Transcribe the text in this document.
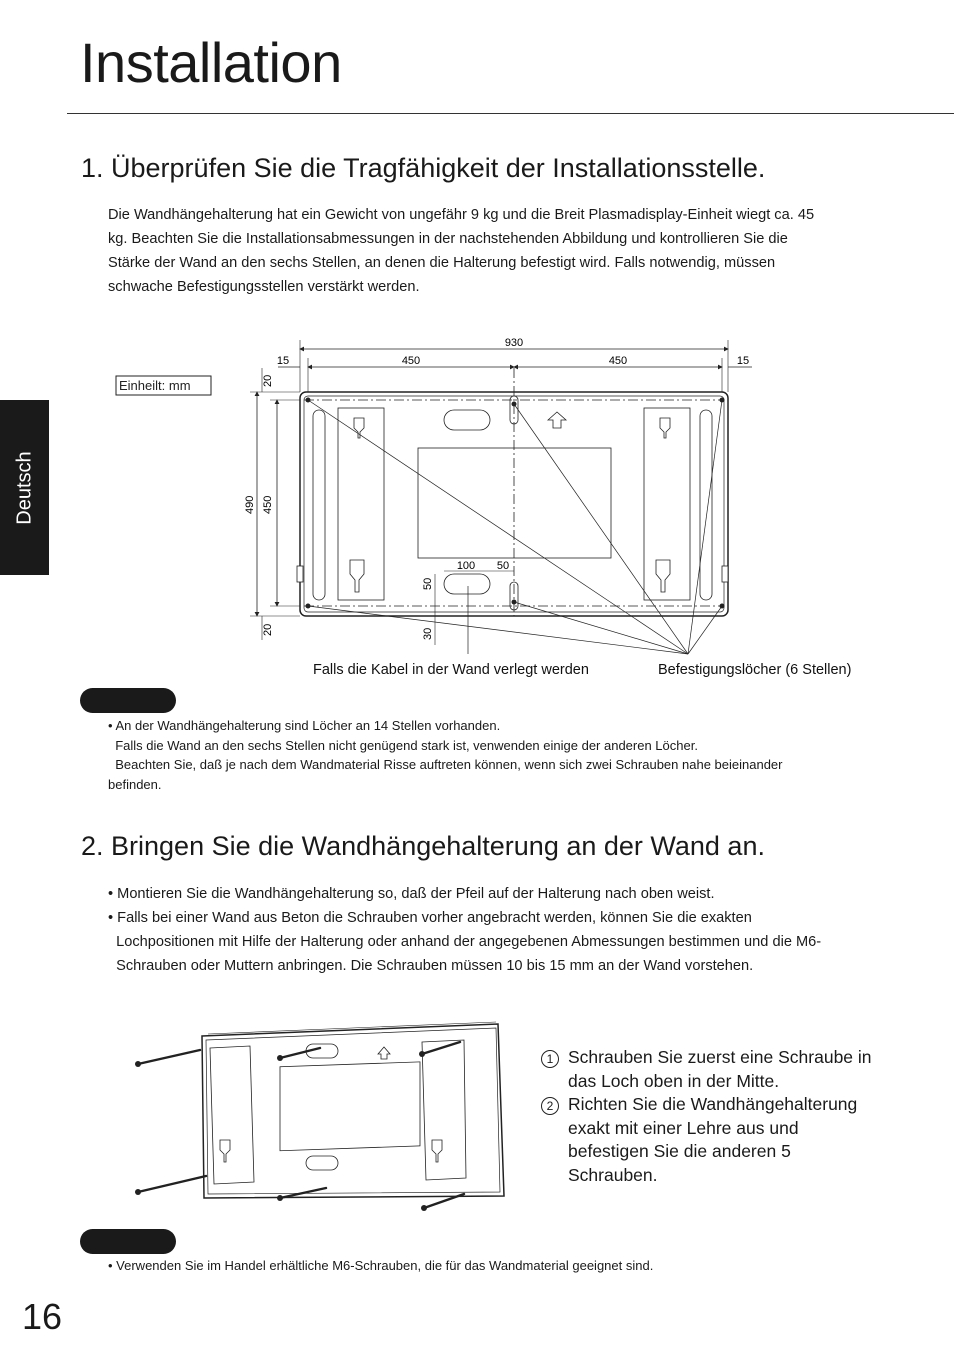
Installation
Deutsch
1. Überprüfen Sie die Tragfähigkeit der Installationsstelle.
Die Wandhängehalterung hat ein Gewicht von ungefähr 9 kg und die Breit Plasmadisplay-Einheit wiegt ca. 45
kg. Beachten Sie die Installationsabmessungen in der nachstehenden Abbildung und kontrollieren Sie die
Stärke der Wand an den sechs Stellen, an denen die Halterung befestigt wird. Falls notwendig, müssen
schwache Befestigungsstellen verstärkt werden.
Einheilt: mm
930
450	450
15	15
490 450
20
20
100 50
50
30
Falls die Kabel in der Wand verlegt werden	Befestigungslöcher (6 Stellen)
• An der Wandhängehalterung sind Löcher an 14 Stellen vorhanden.
Falls die Wand an den sechs Stellen nicht genügend stark ist, venwenden einige der anderen Löcher.
Beachten Sie, daß je nach dem Wandmaterial Risse auftreten können, wenn sich zwei Schrauben nahe beieinander
befinden.
2. Bringen Sie die Wandhängehalterung an der Wand an.
• Montieren Sie die Wandhängehalterung so, daß der Pfeil auf der Halterung nach oben weist.
• Falls bei einer Wand aus Beton die Schrauben vorher angebracht werden, können Sie die exakten
Lochpositionen mit Hilfe der Halterung oder anhand der angegebenen Abmessungen bestimmen und die M6-
Schrauben oder Muttern anbringen. Die Schrauben müssen 10 bis 15 mm an der Wand vorstehen.
1 Schrauben Sie zuerst eine Schraube in das Loch oben in der Mitte.
2 Richten Sie die Wandhängehalterung exakt mit einer Lehre aus und befestigen Sie die anderen 5 Schrauben.
• Verwenden Sie im Handel erhältliche M6-Schrauben, die für das Wandmaterial geeignet sind.
16
